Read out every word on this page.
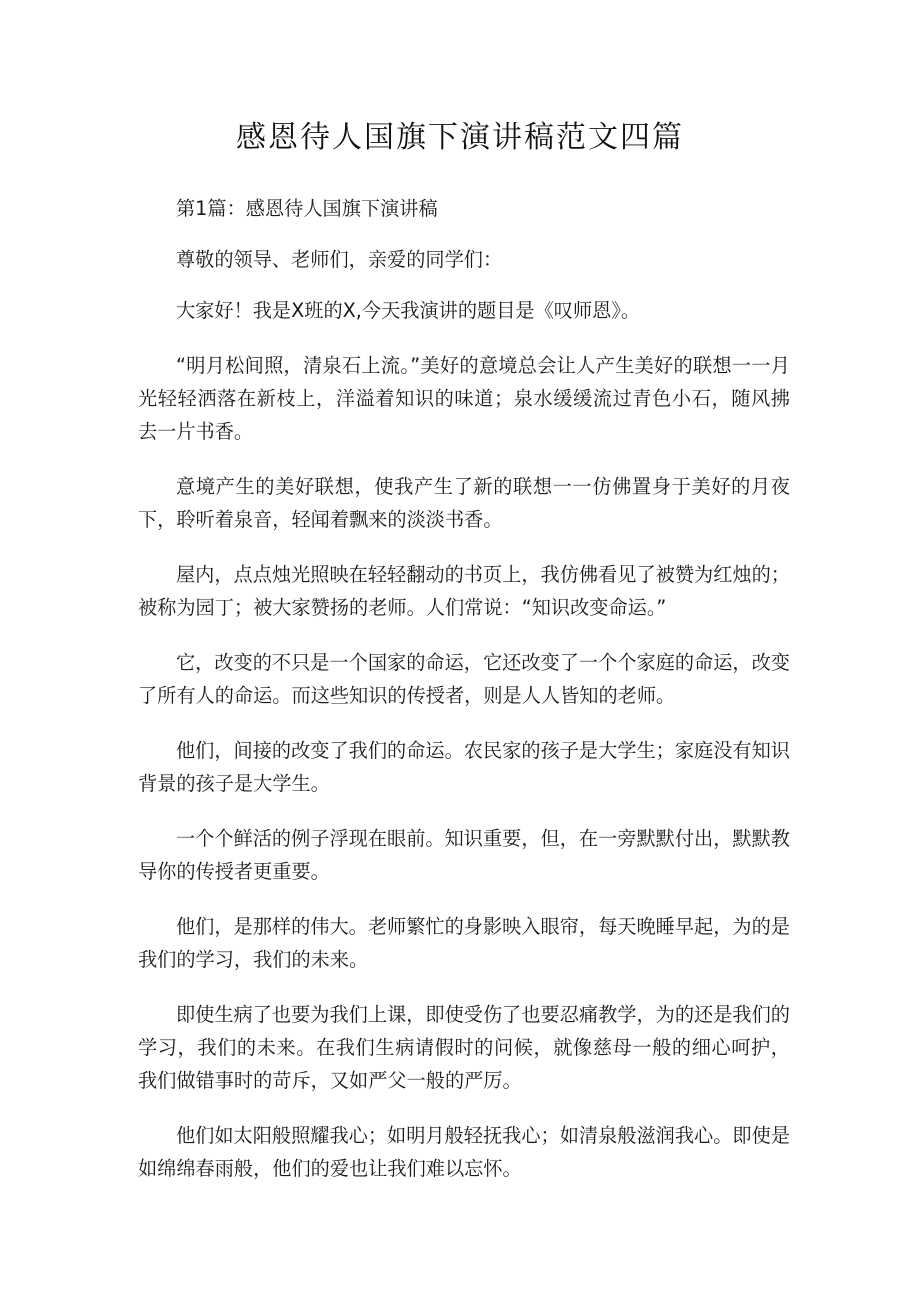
感恩待人国旗下演讲稿范文四篇
第1篇：感恩待人国旗下演讲稿
尊敬的领导、老师们，亲爱的同学们：
大家好！我是X班的X,今天我演讲的题目是《叹师恩》。
“明月松间照，清泉石上流。”美好的意境总会让人产生美好的联想一一月光轻轻洒落在新枝上，洋溢着知识的味道；泉水缓缓流过青色小石，随风拂去一片书香。
意境产生的美好联想，使我产生了新的联想一一仿佛置身于美好的月夜下，聆听着泉音，轻闻着飘来的淡淡书香。
屋内，点点烛光照映在轻轻翻动的书页上，我仿佛看见了被赞为红烛的；被称为园丁；被大家赞扬的老师。人们常说：“知识改变命运。”
它，改变的不只是一个国家的命运，它还改变了一个个家庭的命运，改变了所有人的命运。而这些知识的传授者，则是人人皆知的老师。
他们，间接的改变了我们的命运。农民家的孩子是大学生；家庭没有知识背景的孩子是大学生。
一个个鲜活的例子浮现在眼前。知识重要，但，在一旁默默付出，默默教导你的传授者更重要。
他们，是那样的伟大。老师繁忙的身影映入眼帘，每天晚睡早起，为的是我们的学习，我们的未来。
即使生病了也要为我们上课，即使受伤了也要忍痛教学，为的还是我们的学习，我们的未来。在我们生病请假时的问候，就像慈母一般的细心呵护，我们做错事时的苛斥，又如严父一般的严厉。
他们如太阳般照耀我心；如明月般轻抚我心；如清泉般滋润我心。即使是如绵绵春雨般，他们的爱也让我们难以忘怀。
